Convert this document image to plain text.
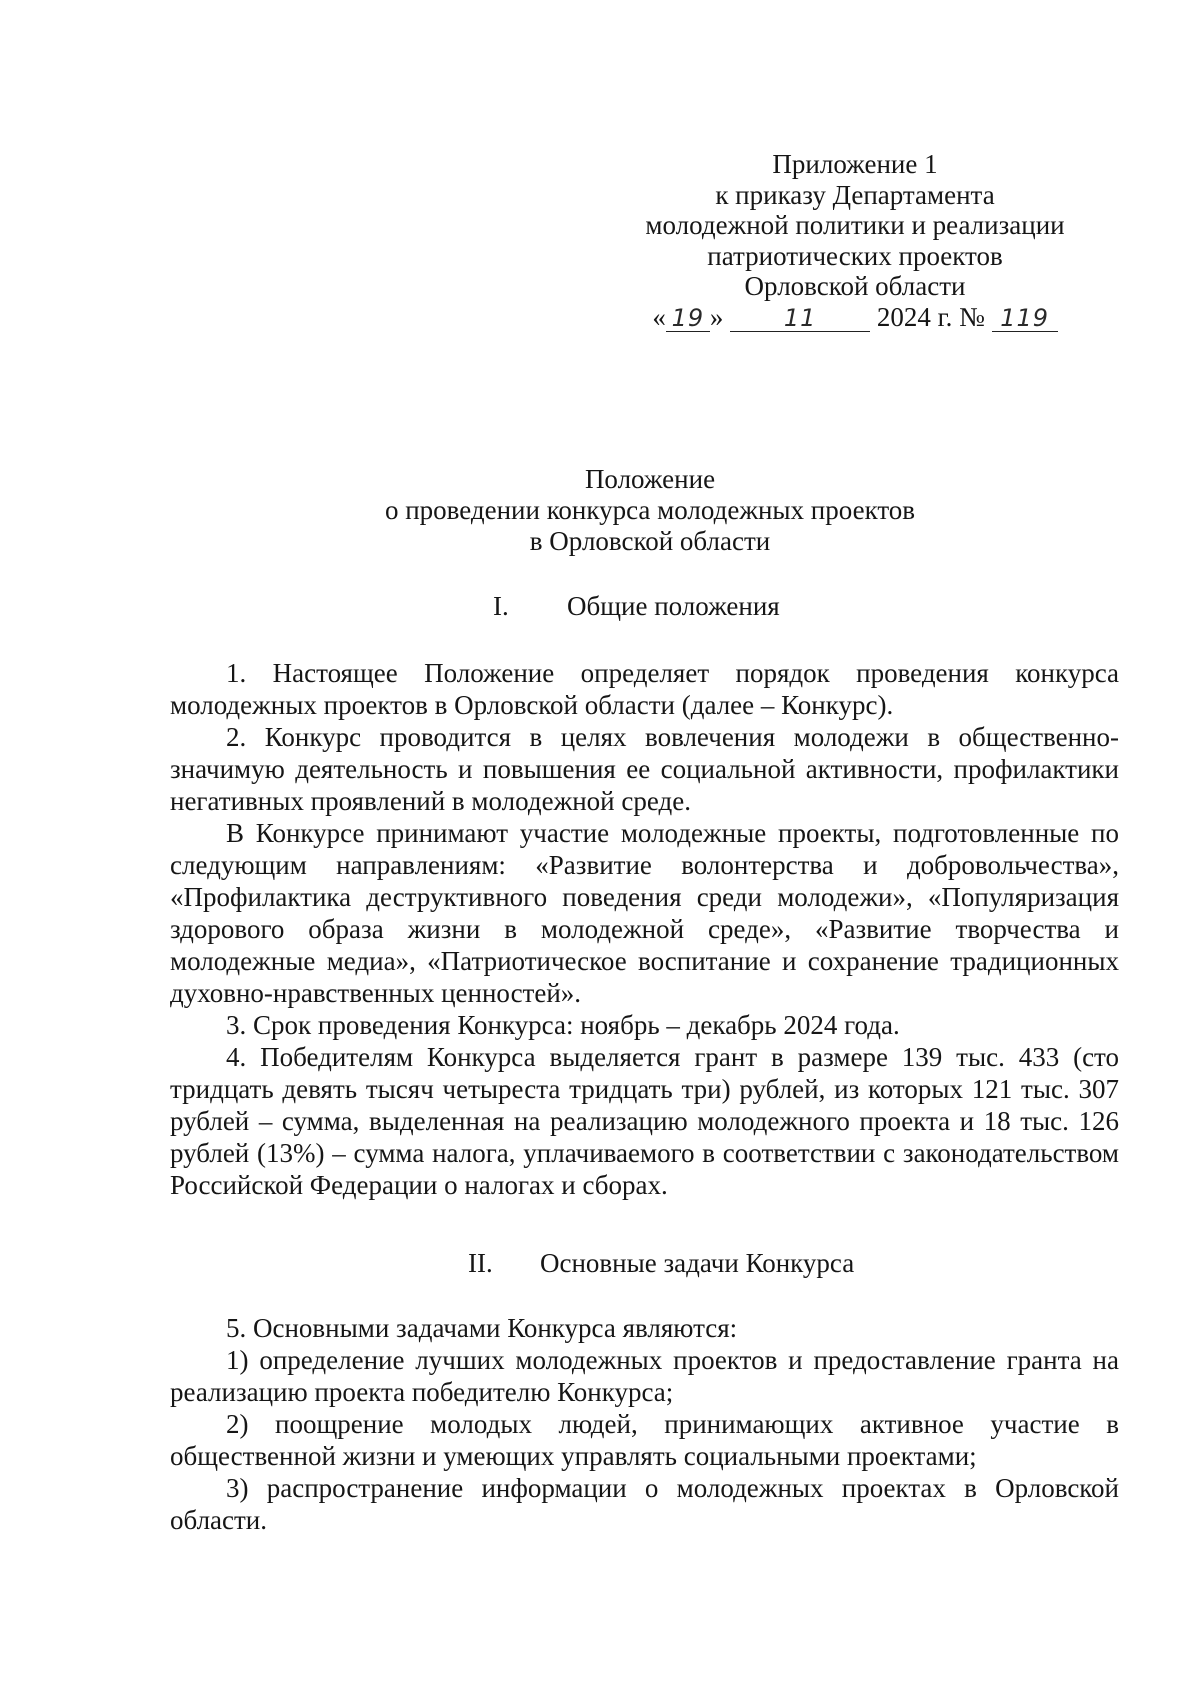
Приложение 1
к приказу Департамента
молодежной политики и реализации
патриотических проектов
Орловской области
« 19 »	11 2024 г. № 119
Положение
о проведении конкурса молодежных проектов
в Орловской области
I. Общие положения

1. Настоящее Положение определяет порядок проведения конкурса молодежных проектов в Орловской области (далее – Конкурс).

2. Конкурс проводится в целях вовлечения молодежи в общественно-значимую деятельность и повышения ее социальной активности, профилактики негативных проявлений в молодежной среде.

В Конкурсе принимают участие молодежные проекты, подготовленные по следующим направлениям: «Развитие волонтерства и добровольчества», «Профилактика деструктивного поведения среди молодежи», «Популяризация здорового образа жизни в молодежной среде», «Развитие творчества и молодежные медиа», «Патриотическое воспитание и сохранение традиционных духовно-нравственных ценностей».

3. Срок проведения Конкурса: ноябрь – декабрь 2024 года.

4. Победителям Конкурса выделяется грант в размере 139 тыс. 433 (сто тридцать девять тысяч четыреста тридцать три) рублей, из которых 121 тыс. 307 рублей – сумма, выделенная на реализацию молодежного проекта и 18 тыс. 126 рублей (13%) – сумма налога, уплачиваемого в соответствии с законодательством Российской Федерации о налогах и сборах.

II. Основные задачи Конкурса

5. Основными задачами Конкурса являются:

1) определение лучших молодежных проектов и предоставление гранта на реализацию проекта победителю Конкурса;

2) поощрение молодых людей, принимающих активное участие в общественной жизни и умеющих управлять социальными проектами;

3) распространение информации о молодежных проектах в Орловской области.
